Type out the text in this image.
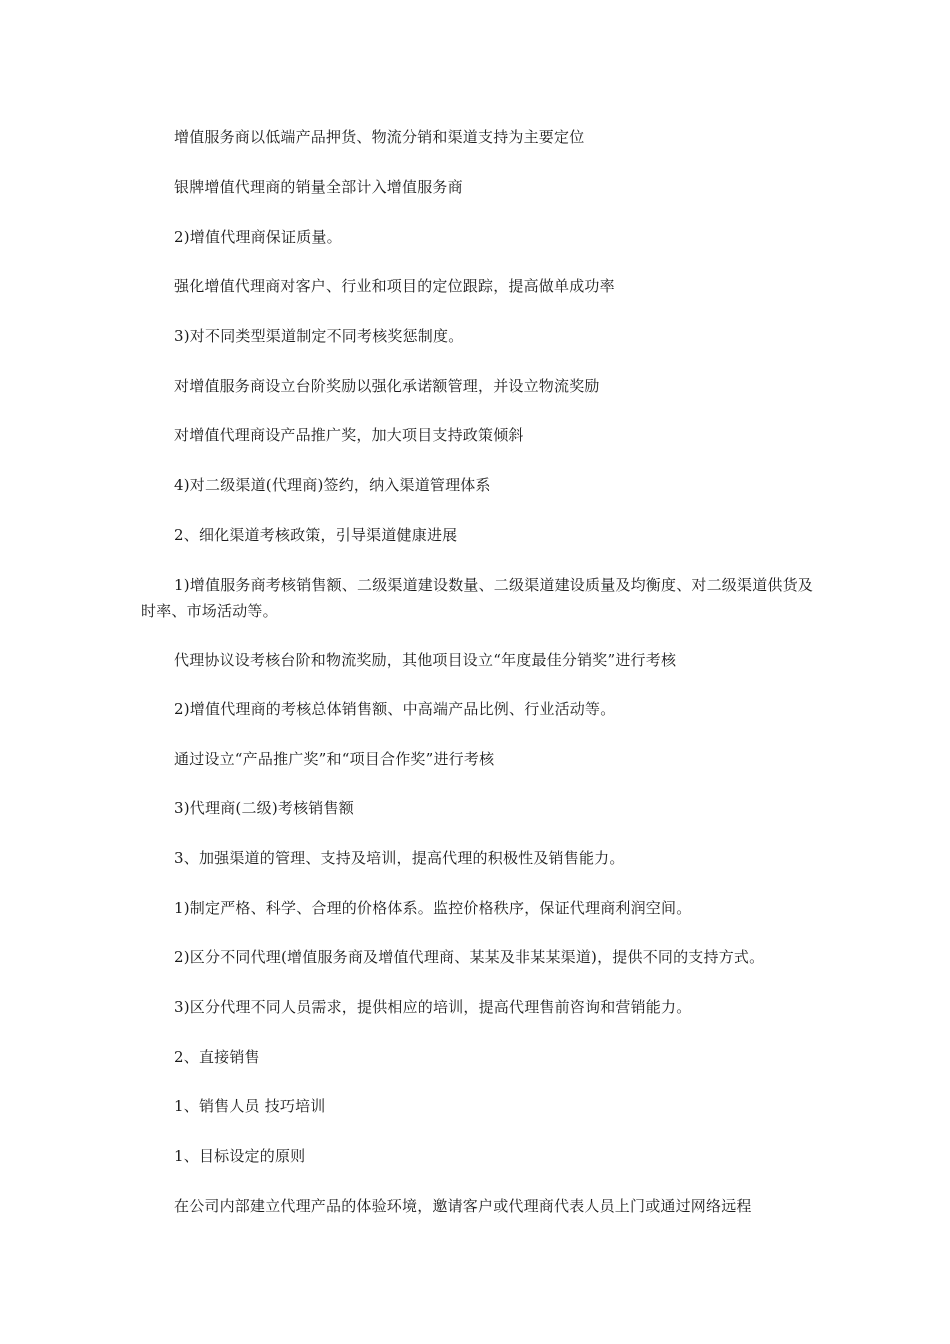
增值服务商以低端产品押货、物流分销和渠道支持为主要定位

银牌增值代理商的销量全部计入增值服务商

2)增值代理商保证质量。

强化增值代理商对客户、行业和项目的定位跟踪，提高做单成功率

3)对不同类型渠道制定不同考核奖惩制度。

对增值服务商设立台阶奖励以强化承诺额管理，并设立物流奖励

对增值代理商设产品推广奖，加大项目支持政策倾斜

4)对二级渠道(代理商)签约，纳入渠道管理体系

2、细化渠道考核政策，引导渠道健康进展

1)增值服务商考核销售额、二级渠道建设数量、二级渠道建设质量及均衡度、对二级渠道供货及时率、市场活动等。

代理协议设考核台阶和物流奖励，其他项目设立“年度最佳分销奖”进行考核

2)增值代理商的考核总体销售额、中高端产品比例、行业活动等。

通过设立“产品推广奖”和“项目合作奖”进行考核

3)代理商(二级)考核销售额

3、加强渠道的管理、支持及培训，提高代理的积极性及销售能力。

1)制定严格、科学、合理的价格体系。监控价格秩序，保证代理商利润空间。

2)区分不同代理(增值服务商及增值代理商、某某及非某某渠道)，提供不同的支持方式。

3)区分代理不同人员需求，提供相应的培训，提高代理售前咨询和营销能力。

2、直接销售

1、销售人员 技巧培训

1、目标设定的原则

在公司内部建立代理产品的体验环境，邀请客户或代理商代表人员上门或通过网络远程
